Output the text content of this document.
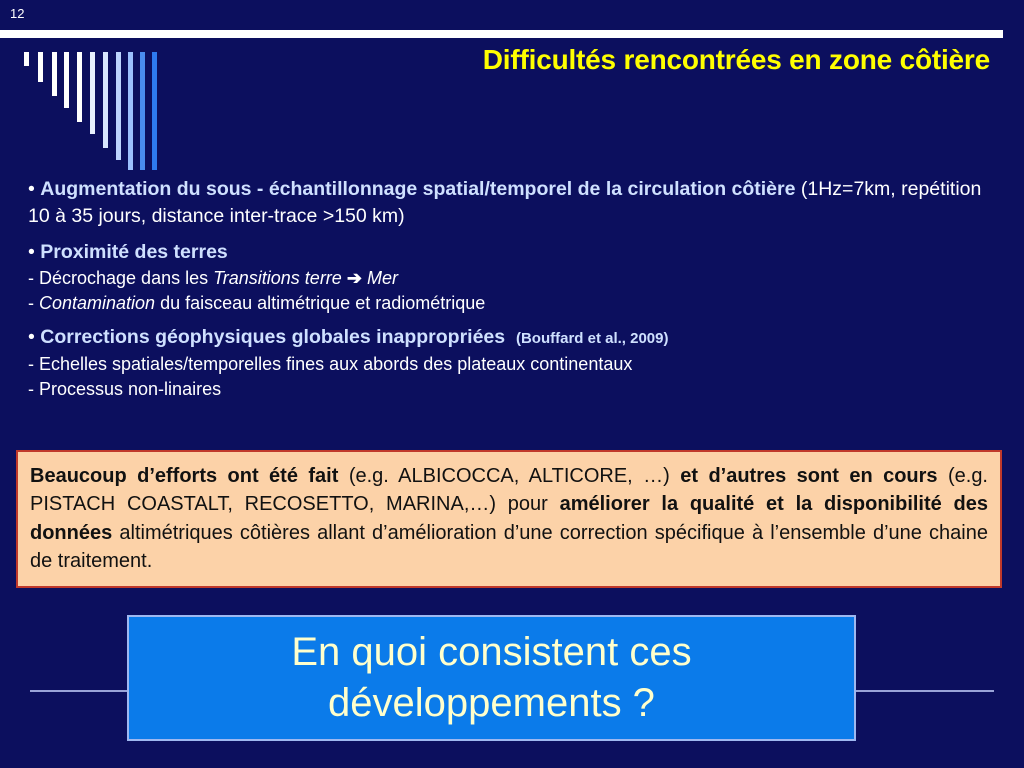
12
Difficultés rencontrées en zone côtière

• Augmentation du sous - échantillonnage spatial/temporel de la circulation côtière (1Hz=7km, repétition 10 à 35 jours, distance inter-trace >150 km)

• Proximité des terres

- Décrochage dans les Transitions terre ➔ Mer

- Contamination du faisceau altimétrique et radiométrique

• Corrections géophysiques globales inappropriées (Bouffard et al., 2009)

- Echelles spatiales/temporelles fines aux abords des plateaux continentaux

- Processus non-linaires

Beaucoup d’efforts ont été fait (e.g. ALBICOCCA, ALTICORE, …) et d’autres sont en cours (e.g. PISTACH COASTALT, RECOSETTO, MARINA,…) pour améliorer la qualité et la disponibilité des données altimétriques côtières allant d’amélioration d’une correction spécifique à l’ensemble d’une chaine de traitement.
En quoi consistent ces
développements ?
